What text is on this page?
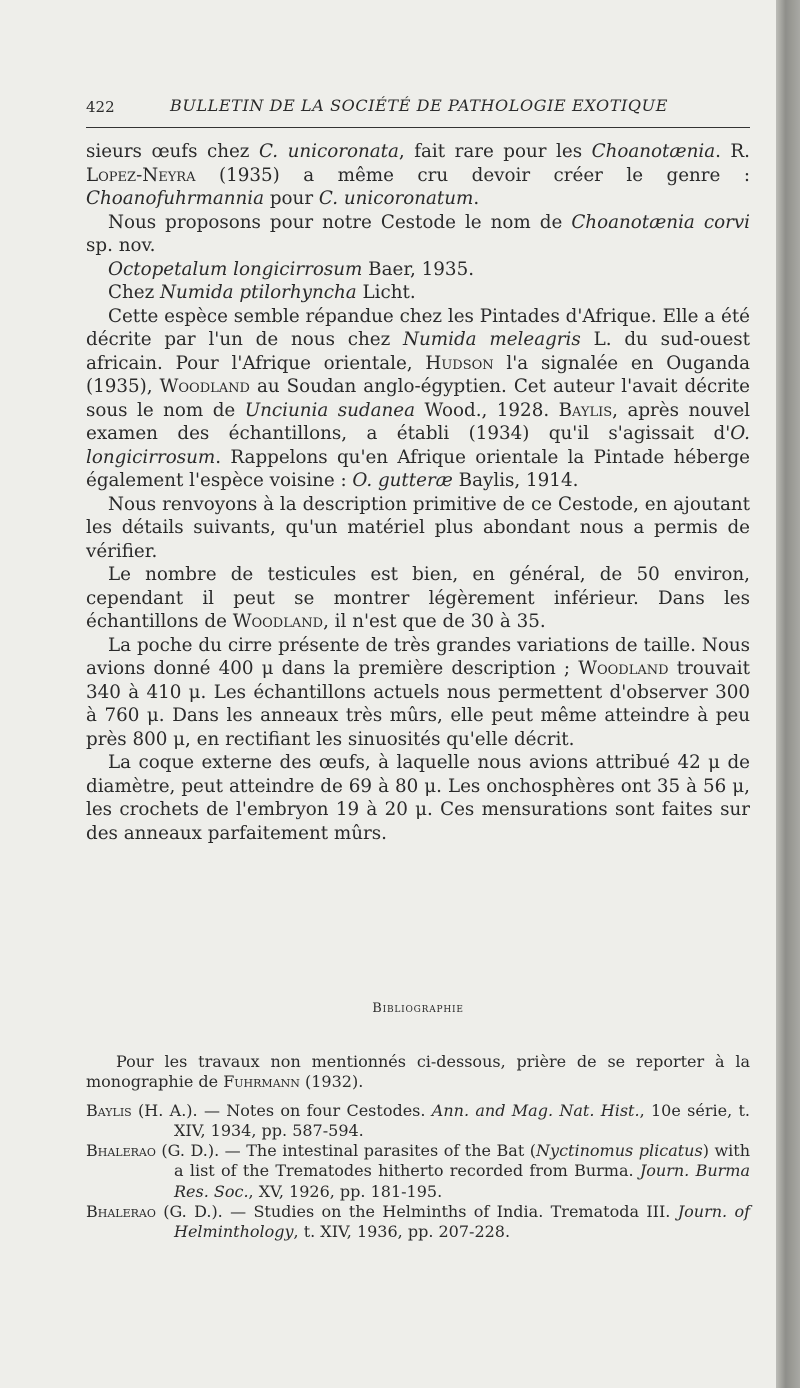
422	BULLETIN DE LA SOCIÉTÉ DE PATHOLOGIE EXOTIQUE

sieurs œufs chez C. unicoronata, fait rare pour les Choanotænia. R. Lopez-Neyra (1935) a même cru devoir créer le genre : Choanofuhrmannia pour C. unicoronatum.

Nous proposons pour notre Cestode le nom de Choanotænia corvi sp. nov.

Octopetalum longicirrosum Baer, 1935.

Chez Numida ptilorhyncha Licht.

Cette espèce semble répandue chez les Pintades d'Afrique. Elle a été décrite par l'un de nous chez Numida meleagris L. du sud-ouest africain. Pour l'Afrique orientale, Hudson l'a signalée en Ouganda (1935), Woodland au Soudan anglo-égyptien. Cet auteur l'avait décrite sous le nom de Unciunia sudanea Wood., 1928. Baylis, après nouvel examen des échantillons, a établi (1934) qu'il s'agissait d'O. longicirrosum. Rappelons qu'en Afrique orientale la Pintade héberge également l'espèce voisine : O. gutteræ Baylis, 1914.

Nous renvoyons à la description primitive de ce Cestode, en ajoutant les détails suivants, qu'un matériel plus abondant nous a permis de vérifier.

Le nombre de testicules est bien, en général, de 50 environ, cependant il peut se montrer légèrement inférieur. Dans les échantillons de Woodland, il n'est que de 30 à 35.

La poche du cirre présente de très grandes variations de taille. Nous avions donné 400 μ dans la première description ; Woodland trouvait 340 à 410 μ. Les échantillons actuels nous permettent d'observer 300 à 760 μ. Dans les anneaux très mûrs, elle peut même atteindre à peu près 800 μ, en rectifiant les sinuosités qu'elle décrit.

La coque externe des œufs, à laquelle nous avions attribué 42 μ de diamètre, peut atteindre de 69 à 80 μ. Les onchosphères ont 35 à 56 μ, les crochets de l'embryon 19 à 20 μ. Ces mensurations sont faites sur des anneaux parfaitement mûrs.

Bibliographie

Pour les travaux non mentionnés ci-dessous, prière de se reporter à la monographie de Fuhrmann (1932).

Baylis (H. A.). — Notes on four Cestodes. Ann. and Mag. Nat. Hist., 10e série, t. XIV, 1934, pp. 587-594.

Bhalerao (G. D.). — The intestinal parasites of the Bat (Nyctinomus plicatus) with a list of the Trematodes hitherto recorded from Burma. Journ. Burma Res. Soc., XV, 1926, pp. 181-195.

Bhalerao (G. D.). — Studies on the Helminths of India. Trematoda III. Journ. of Helminthology, t. XIV, 1936, pp. 207-228.
